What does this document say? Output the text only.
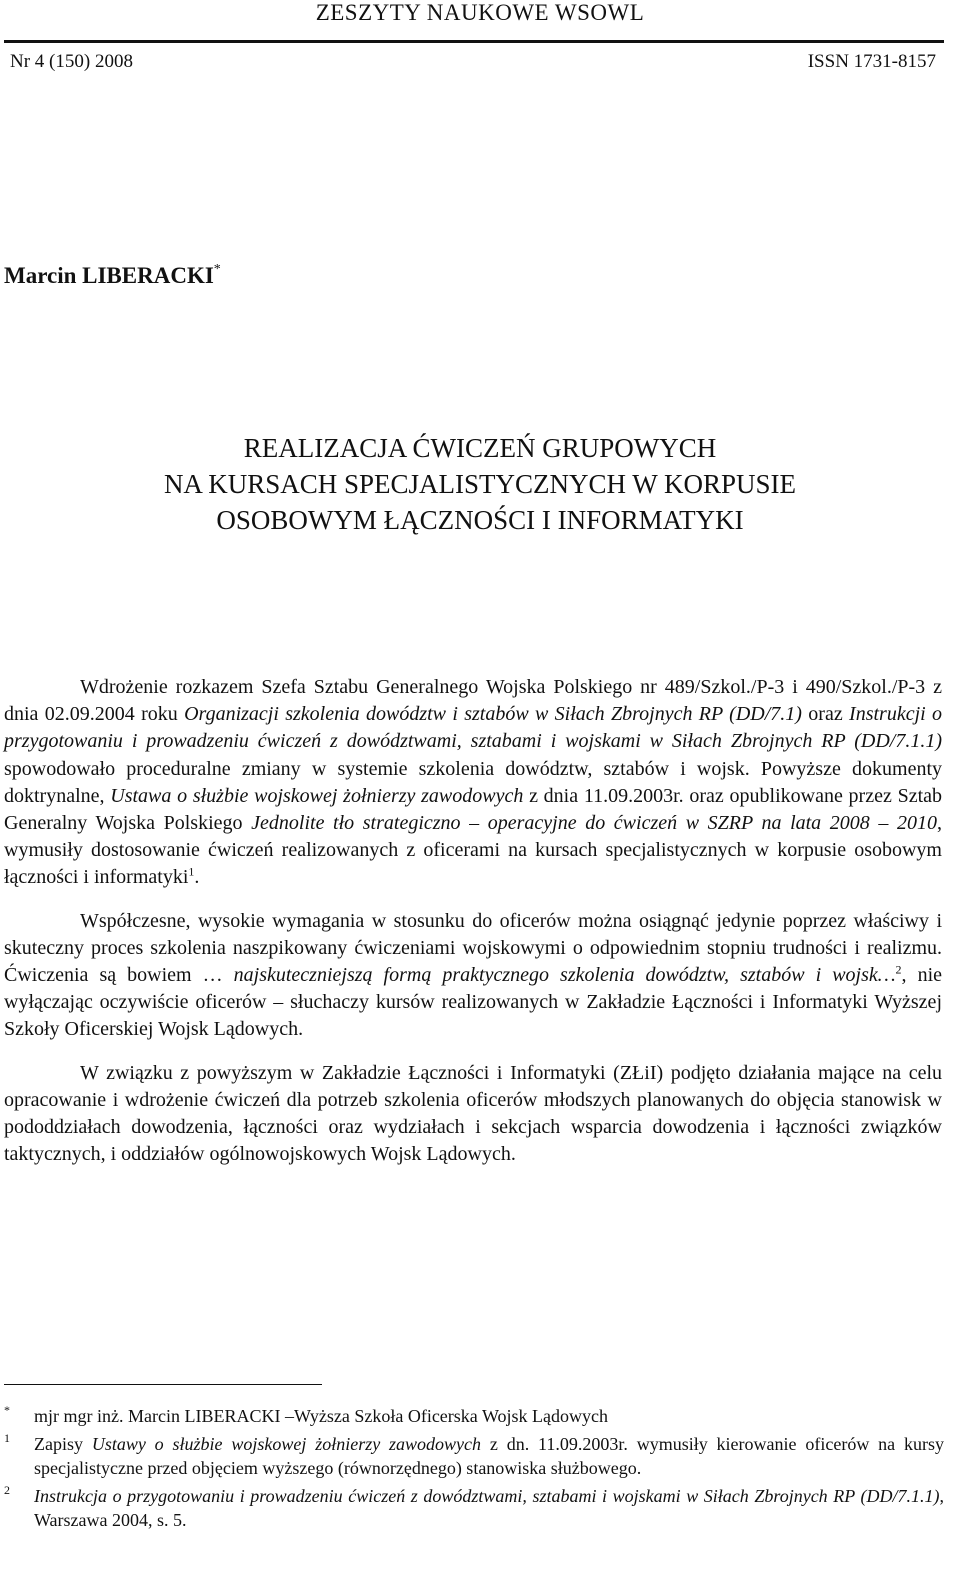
ZESZYTY NAUKOWE WSOWL
Nr 4 (150) 2008	ISSN 1731-8157
Marcin LIBERACKI*
REALIZACJA ĆWICZEŃ GRUPOWYCH
NA KURSACH SPECJALISTYCZNYCH W KORPUSIE
OSOBOWYM ŁĄCZNOŚCI I INFORMATYKI

Wdrożenie rozkazem Szefa Sztabu Generalnego Wojska Polskiego nr 489/Szkol./P-3 i 490/Szkol./P-3 z dnia 02.09.2004 roku Organizacji szkolenia dowództw i sztabów w Siłach Zbrojnych RP (DD/7.1) oraz Instrukcji o przygotowaniu i prowadzeniu ćwiczeń z dowództwami, sztabami i wojskami w Siłach Zbrojnych RP (DD/7.1.1) spowodowało proceduralne zmiany w systemie szkolenia dowództw, sztabów i wojsk. Powyższe dokumenty doktrynalne, Ustawa o służbie wojskowej żołnierzy zawodowych z dnia 11.09.2003r. oraz opublikowane przez Sztab Generalny Wojska Polskiego Jednolite tło strategiczno – operacyjne do ćwiczeń w SZRP na lata 2008 – 2010, wymusiły dostosowanie ćwiczeń realizowanych z oficerami na kursach specjalistycznych w korpusie osobowym łączności i informatyki$^1$.

Współczesne, wysokie wymagania w stosunku do oficerów można osiągnąć jedynie poprzez właściwy i skuteczny proces szkolenia naszpikowany ćwiczeniami wojskowymi o odpowiednim stopniu trudności i realizmu. Ćwiczenia są bowiem … najskuteczniejszą formą praktycznego szkolenia dowództw, sztabów i wojsk…$^2$, nie wyłączając oczywiście oficerów – słuchaczy kursów realizowanych w Zakładzie Łączności i Informatyki Wyższej Szkoły Oficerskiej Wojsk Lądowych.

W związku z powyższym w Zakładzie Łączności i Informatyki (ZŁiI) podjęto działania mające na celu opracowanie i wdrożenie ćwiczeń dla potrzeb szkolenia oficerów młodszych planowanych do objęcia stanowisk w pododdziałach dowodzenia, łączności oraz wydziałach i sekcjach wsparcia dowodzenia i łączności związków taktycznych, i oddziałów ogólnowojskowych Wojsk Lądowych.

* mjr mgr inż. Marcin LIBERACKI –Wyższa Szkoła Oficerska Wojsk Lądowych
1 Zapisy Ustawy o służbie wojskowej żołnierzy zawodowych z dn. 11.09.2003r. wymusiły kierowanie oficerów na kursy specjalistyczne przed objęciem wyższego (równorzędnego) stanowiska służbowego.
2 Instrukcja o przygotowaniu i prowadzeniu ćwiczeń z dowództwami, sztabami i wojskami w Siłach Zbrojnych RP (DD/7.1.1), Warszawa 2004, s. 5.
